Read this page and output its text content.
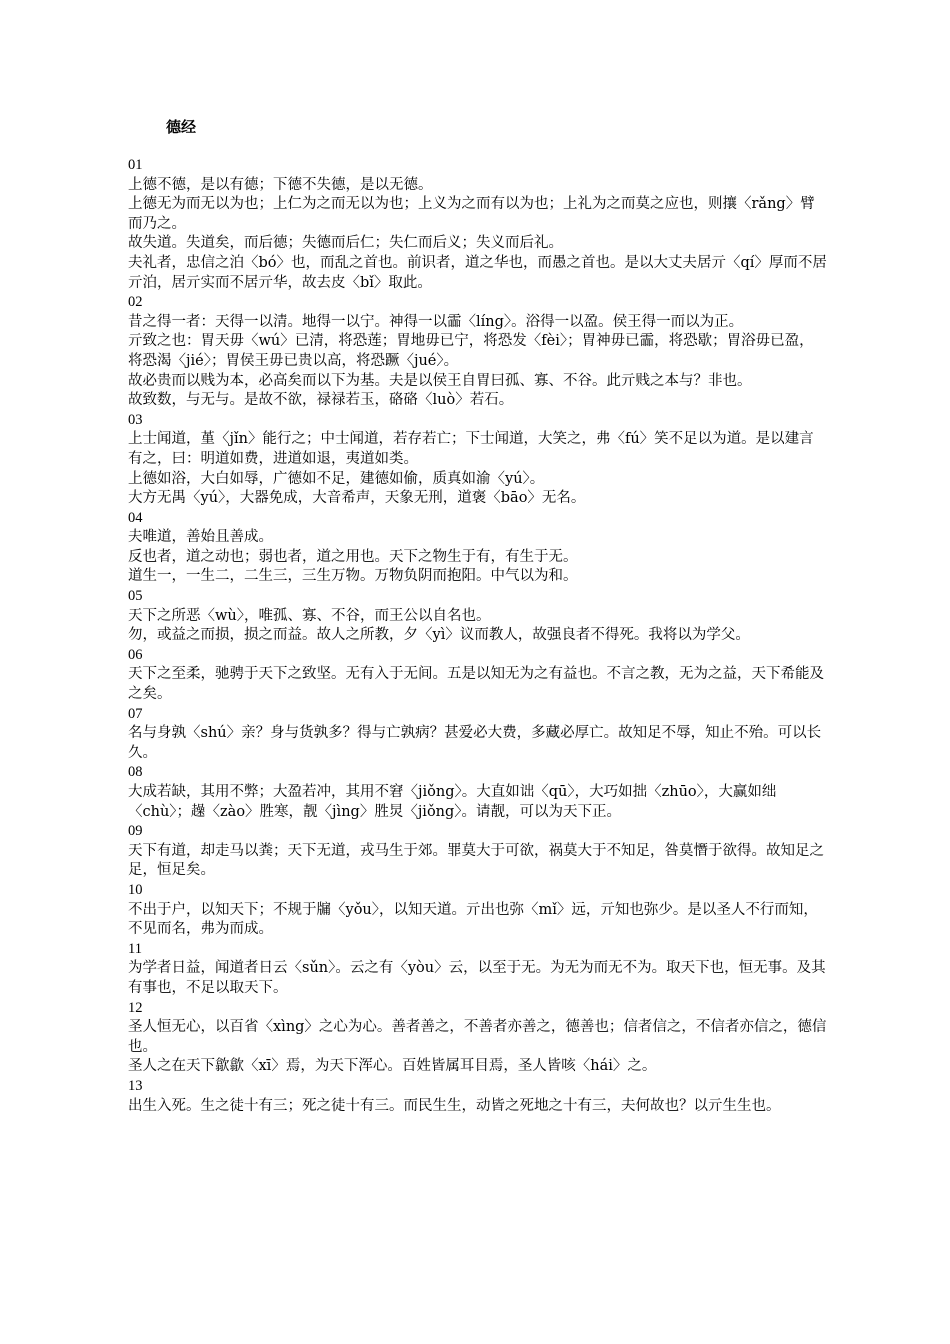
德经
01
上德不德，是以有德；下德不失德，是以无德。
上德无为而无以为也；上仁为之而无以为也；上义为之而有以为也；上礼为之而莫之应也，则攘〈rǎng〉臂而乃之。
故失道。失道矣，而后德；失德而后仁；失仁而后义；失义而后礼。
夫礼者，忠信之泊〈bó〉也，而乱之首也。前识者，道之华也，而愚之首也。是以大丈夫居亓〈qí〉厚而不居亓泊，居亓实而不居亓华，故去皮〈bǐ〉取此。
02
昔之得一者：天得一以清。地得一以宁。神得一以霝〈líng〉。浴得一以盈。侯王得一而以为正。
亓致之也：胃天毋〈wú〉已清，将恐莲；胃地毋已宁，将恐发〈fèi〉；胃神毋已霝，将恐歇；胃浴毋已盈，将恐渴〈jié〉；胃侯王毋已贵以高，将恐蹶〈jué〉。
故必贵而以贱为本，必高矣而以下为基。夫是以侯王自胃曰孤、寡、不谷。此亓贱之本与？非也。
故致数，与无与。是故不欲，禄禄若玉，硌硌〈luò〉若石。
03
上士闻道，堇〈jǐn〉能行之；中士闻道，若存若亡；下士闻道，大笑之，弗〈fú〉笑不足以为道。是以建言有之，曰：明道如费，进道如退，夷道如类。
上德如浴，大白如辱，广德如不足，建德如偷，质真如渝〈yú〉。
大方无禺〈yú〉，大器免成，大音希声，天象无刑，道褒〈bāo〉无名。
04
夫唯道，善始且善成。
反也者，道之动也；弱也者，道之用也。天下之物生于有，有生于无。
道生一，一生二，二生三，三生万物。万物负阴而抱阳。中气以为和。
05
天下之所恶〈wù〉，唯孤、寡、不谷，而王公以自名也。
勿，或益之而损，损之而益。故人之所教，夕〈yì〉议而教人，故强良者不得死。我将以为学父。
06
天下之至柔，驰骋于天下之致坚。无有入于无间。五是以知无为之有益也。不言之教，无为之益，天下希能及之矣。
07
名与身孰〈shú〉亲？身与货孰多？得与亡孰病？甚爱必大费，多藏必厚亡。故知足不辱，知止不殆。可以长久。
08
大成若缺，其用不弊；大盈若冲，其用不窘〈jiǒng〉。大直如诎〈qū〉，大巧如拙〈zhūo〉，大赢如绌〈chù〉；趮〈zào〉胜寒，靓〈jìng〉胜炅〈jiǒng〉。请靓，可以为天下正。
09
天下有道，却走马以粪；天下无道，戎马生于郊。罪莫大于可欲，祸莫大于不知足，咎莫憯于欲得。故知足之足，恒足矣。
10
不出于户，以知天下；不规于牖〈yǒu〉，以知天道。亓出也弥〈mǐ〉远，亓知也弥少。是以圣人不行而知，不见而名，弗为而成。
11
为学者日益，闻道者日云〈sǔn〉。云之有〈yòu〉云，以至于无。为无为而无不为。取天下也，恒无事。及其有事也，不足以取天下。
12
圣人恒无心，以百省〈xìng〉之心为心。善者善之，不善者亦善之，德善也；信者信之，不信者亦信之，德信也。
圣人之在天下歙歙〈xī〉焉，为天下浑心。百姓皆属耳目焉，圣人皆咳〈hái〉之。
13
出生入死。生之徒十有三；死之徒十有三。而民生生，动皆之死地之十有三，夫何故也？以亓生生也。
